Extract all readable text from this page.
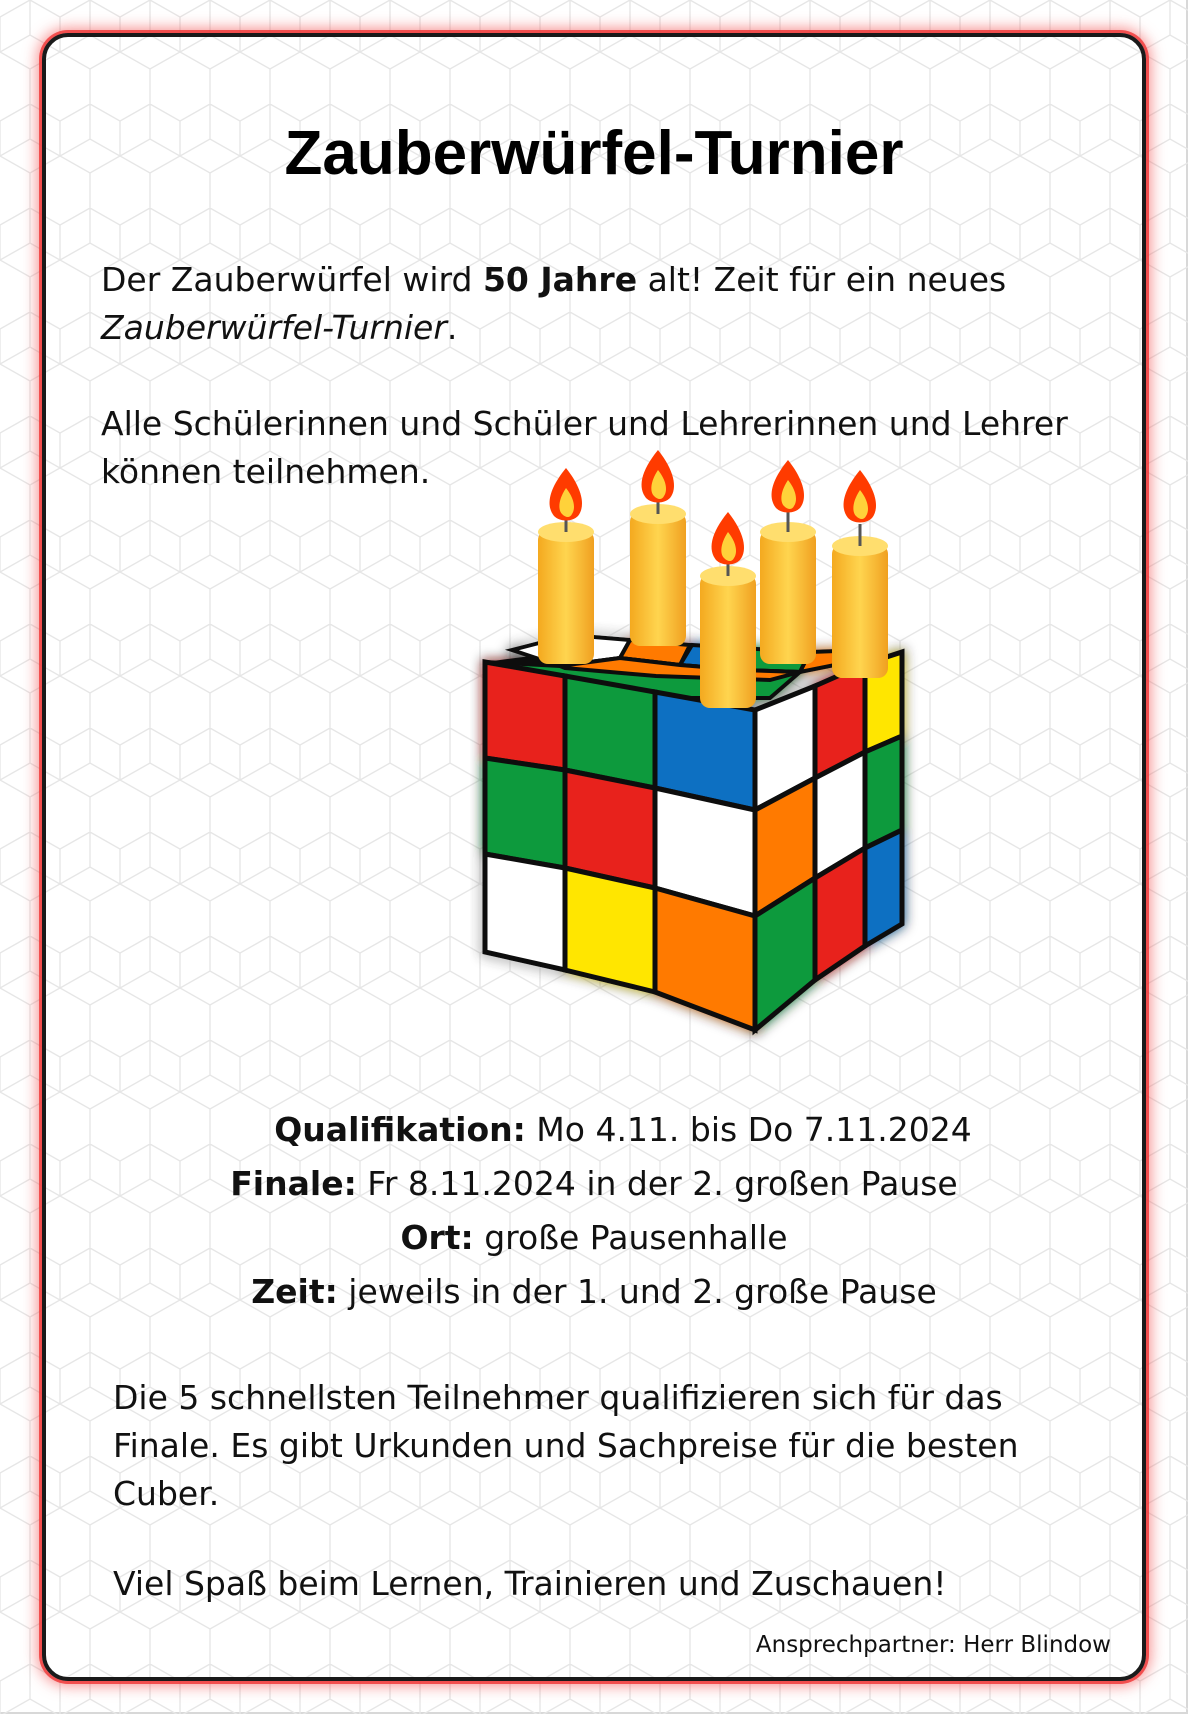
Zauberwürfel-Turnier
Der Zauberwürfel wird 50 Jahre alt! Zeit für ein neues
Zauberwürfel-Turnier.
Alle Schülerinnen und Schüler und Lehrerinnen und Lehrer können teilnehmen.
Qualifikation: Mo 4.11. bis Do 7.11.2024
Finale: Fr 8.11.2024 in der 2. großen Pause
Ort: große Pausenhalle
Zeit: jeweils in der 1. und 2. große Pause
Die 5 schnellsten Teilnehmer qualifizieren sich für das Finale. Es gibt Urkunden und Sachpreise für die besten Cuber.
Viel Spaß beim Lernen, Trainieren und Zuschauen!
Ansprechpartner: Herr Blindow
